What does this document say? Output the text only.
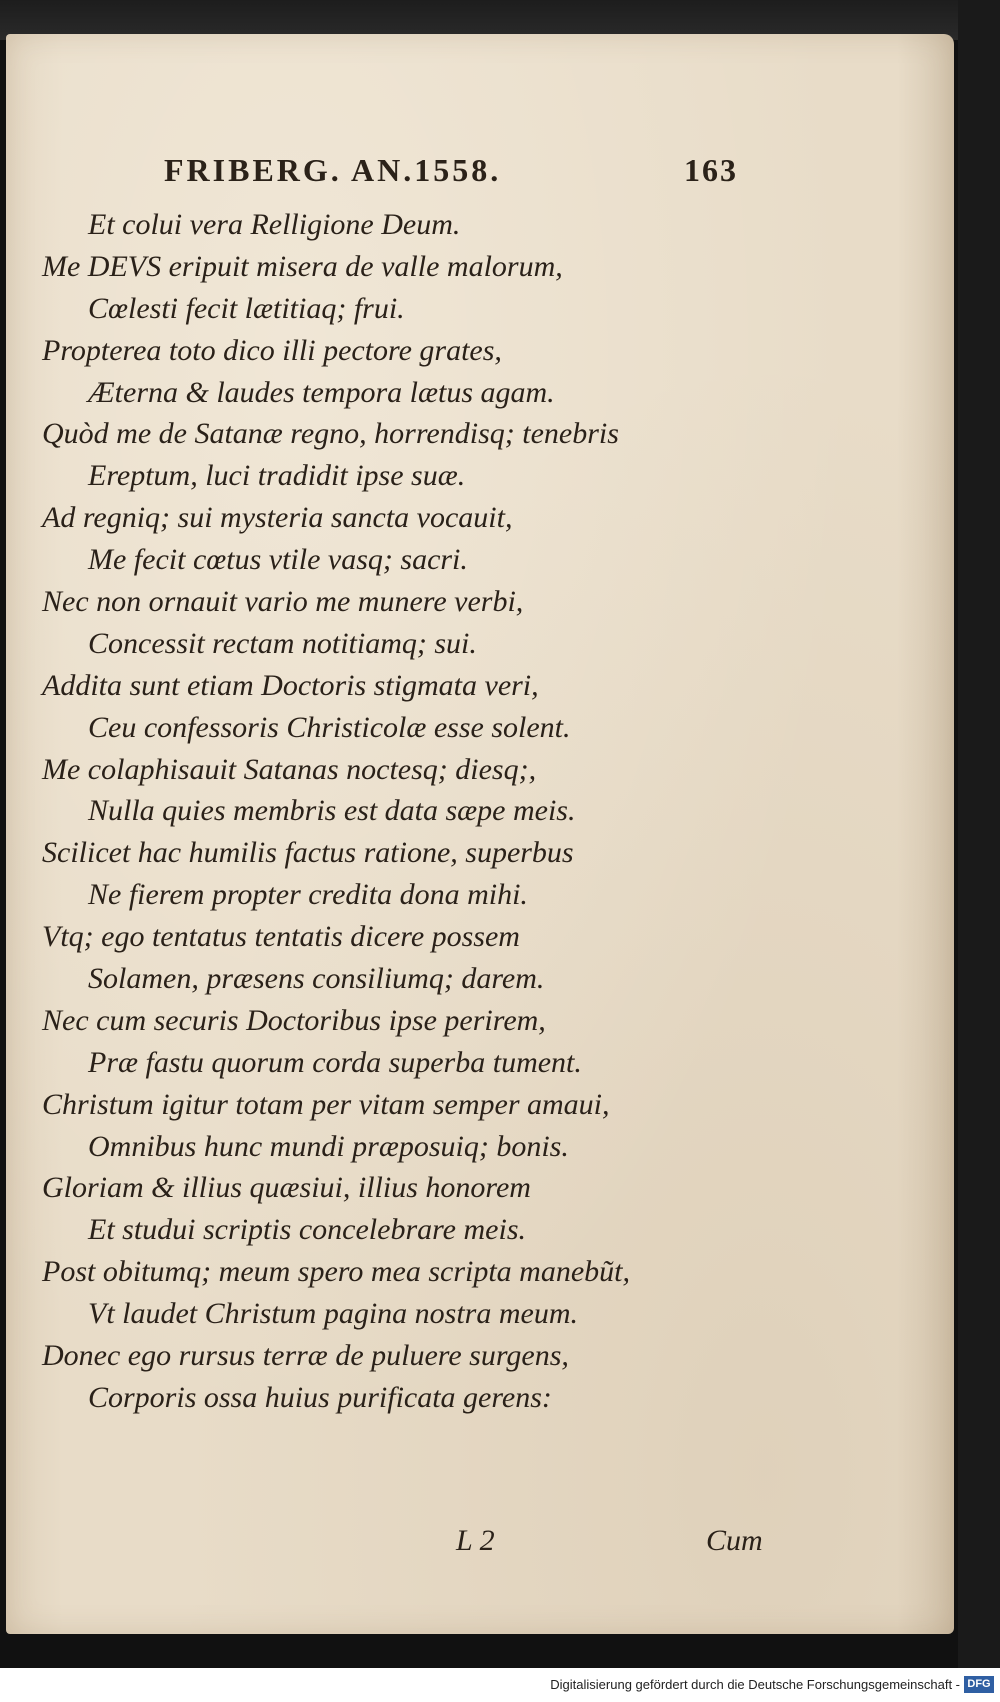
FRIBERG. AN.1558.	163
Et colui vera Relligione Deum.
Me DEVS eripuit misera de valle malorum,
Cœlesti fecit lætitiaq; frui.
Propterea toto dico illi pectore grates,
Æterna & laudes tempora lætus agam.
Quòd me de Satanæ regno, horrendisq; tenebris
Ereptum, luci tradidit ipse suæ.
Ad regniq; sui mysteria sancta vocauit,
Me fecit cœtus vtile vasq; sacri.
Nec non ornauit vario me munere verbi,
Concessit rectam notitiamq; sui.
Addita sunt etiam Doctoris stigmata veri,
Ceu confessoris Christicolæ esse solent.
Me colaphisauit Satanas noctesq; diesq;,
Nulla quies membris est data sæpe meis.
Scilicet hac humilis factus ratione, superbus
Ne fierem propter credita dona mihi.
Vtq; ego tentatus tentatis dicere possem
Solamen, præsens consiliumq; darem.
Nec cum securis Doctoribus ipse perirem,
Præ fastu quorum corda superba tument.
Christum igitur totam per vitam semper amaui,
Omnibus hunc mundi præposuiq; bonis.
Gloriam & illius quæsiui, illius honorem
Et studui scriptis concelebrare meis.
Post obitumq; meum spero mea scripta manebũt,
Vt laudet Christum pagina nostra meum.
Donec ego rursus terræ de puluere surgens,
Corporis ossa huius purificata gerens:
L 2	Cum
Digitalisierung gefördert durch die Deutsche Forschungsgemeinschaft - DFG
